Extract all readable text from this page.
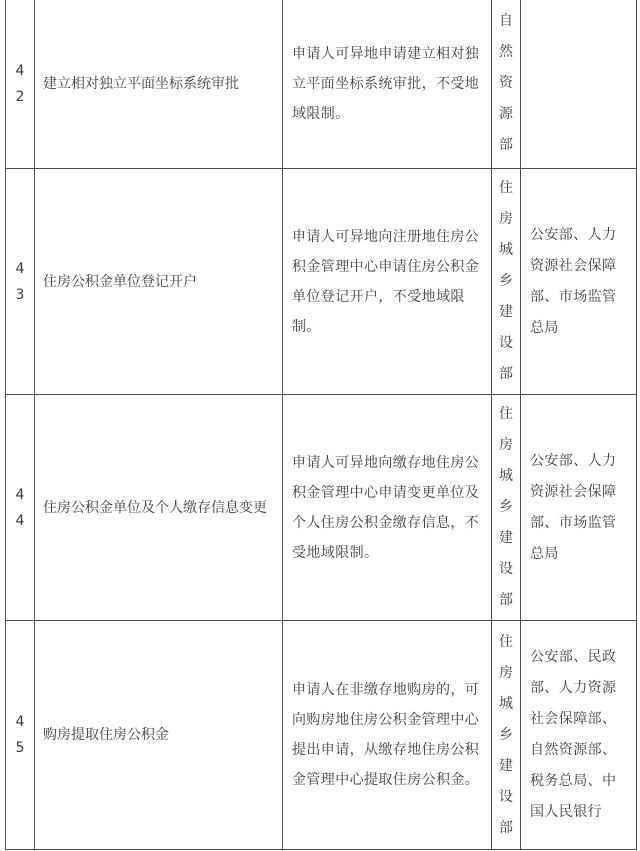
42	建立相对独立平面坐标系统审批	申请人可异地申请建立相对独立平面坐标系统审批，不受地域限制。	自然资源部	
43	住房公积金单位登记开户	申请人可异地向注册地住房公积金管理中心申请住房公积金单位登记开户，不受地域限制。	住房城乡建设部	公安部、人力资源社会保障部、市场监管总局
44	住房公积金单位及个人缴存信息变更	申请人可异地向缴存地住房公积金管理中心申请变更单位及个人住房公积金缴存信息，不受地域限制。	住房城乡建设部	公安部、人力资源社会保障部、市场监管总局
45	购房提取住房公积金	申请人在非缴存地购房的，可向购房地住房公积金管理中心提出申请，从缴存地住房公积金管理中心提取住房公积金。	住房城乡建设部	公安部、民政部、人力资源社会保障部、自然资源部、税务总局、中国人民银行
